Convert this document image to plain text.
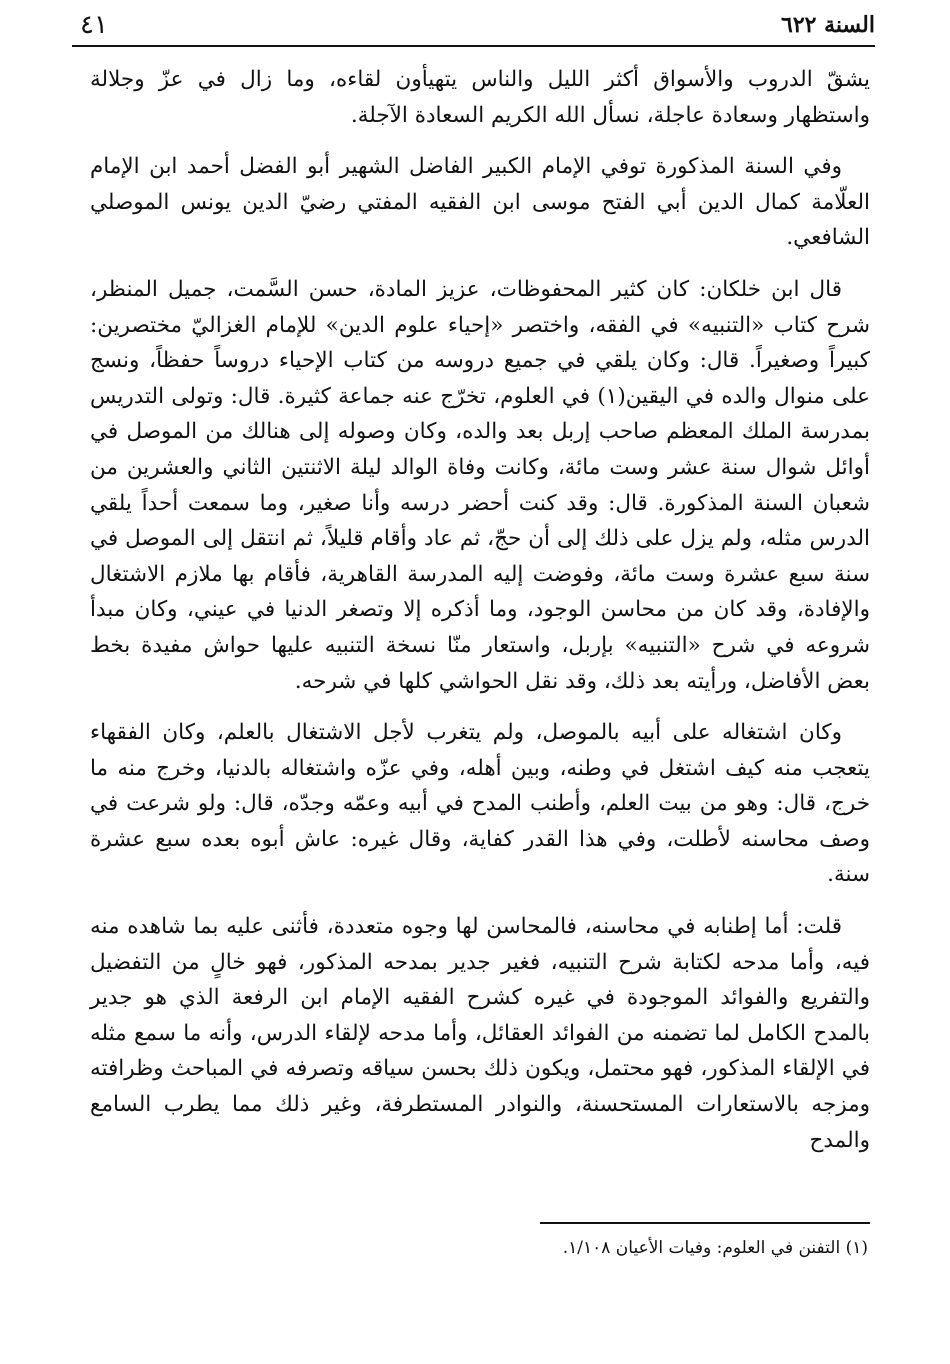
السنة ٦٢٢
٤١

يشقّ الدروب والأسواق أكثر الليل والناس يتهيأون لقاءه، وما زال في عزّ وجلالة واستظهار وسعادة عاجلة، نسأل الله الكريم السعادة الآجلة.

وفي السنة المذكورة توفي الإمام الكبير الفاضل الشهير أبو الفضل أحمد ابن الإمام العلّامة كمال الدين أبي الفتح موسى ابن الفقيه المفتي رضيّ الدين يونس الموصلي الشافعي.

قال ابن خلكان: كان كثير المحفوظات، عزيز المادة، حسن السَّمت، جميل المنظر، شرح كتاب «التنبيه» في الفقه، واختصر «إحياء علوم الدين» للإمام الغزاليّ مختصرين: كبيراً وصغيراً. قال: وكان يلقي في جميع دروسه من كتاب الإحياء دروساً حفظاً، ونسج على منوال والده في اليقين(١) في العلوم، تخرّج عنه جماعة كثيرة. قال: وتولى التدريس بمدرسة الملك المعظم صاحب إربل بعد والده، وكان وصوله إلى هنالك من الموصل في أوائل شوال سنة عشر وست مائة، وكانت وفاة الوالد ليلة الاثنتين الثاني والعشرين من شعبان السنة المذكورة. قال: وقد كنت أحضر درسه وأنا صغير، وما سمعت أحداً يلقي الدرس مثله، ولم يزل على ذلك إلى أن حجّ، ثم عاد وأقام قليلاً، ثم انتقل إلى الموصل في سنة سبع عشرة وست مائة، وفوضت إليه المدرسة القاهرية، فأقام بها ملازم الاشتغال والإفادة، وقد كان من محاسن الوجود، وما أذكره إلا وتصغر الدنيا في عيني، وكان مبدأ شروعه في شرح «التنبيه» بإربل، واستعار منّا نسخة التنبيه عليها حواش مفيدة بخط بعض الأفاضل، ورأيته بعد ذلك، وقد نقل الحواشي كلها في شرحه.

وكان اشتغاله على أبيه بالموصل، ولم يتغرب لأجل الاشتغال بالعلم، وكان الفقهاء يتعجب منه كيف اشتغل في وطنه، وبين أهله، وفي عزّه واشتغاله بالدنيا، وخرج منه ما خرج، قال: وهو من بيت العلم، وأطنب المدح في أبيه وعمّه وجدّه، قال: ولو شرعت في وصف محاسنه لأطلت، وفي هذا القدر كفاية، وقال غيره: عاش أبوه بعده سبع عشرة سنة.

قلت: أما إطنابه في محاسنه، فالمحاسن لها وجوه متعددة، فأثنى عليه بما شاهده منه فيه، وأما مدحه لكتابة شرح التنبيه، فغير جدير بمدحه المذكور، فهو خالٍ من التفضيل والتفريع والفوائد الموجودة في غيره كشرح الفقيه الإمام ابن الرفعة الذي هو جدير بالمدح الكامل لما تضمنه من الفوائد العقائل، وأما مدحه لإلقاء الدرس، وأنه ما سمع مثله في الإلقاء المذكور، فهو محتمل، ويكون ذلك بحسن سياقه وتصرفه في المباحث وظرافته ومزجه بالاستعارات المستحسنة، والنوادر المستطرفة، وغير ذلك مما يطرب السامع والمدح

(١) التفنن في العلوم: وفيات الأعيان ١/١٠٨.
